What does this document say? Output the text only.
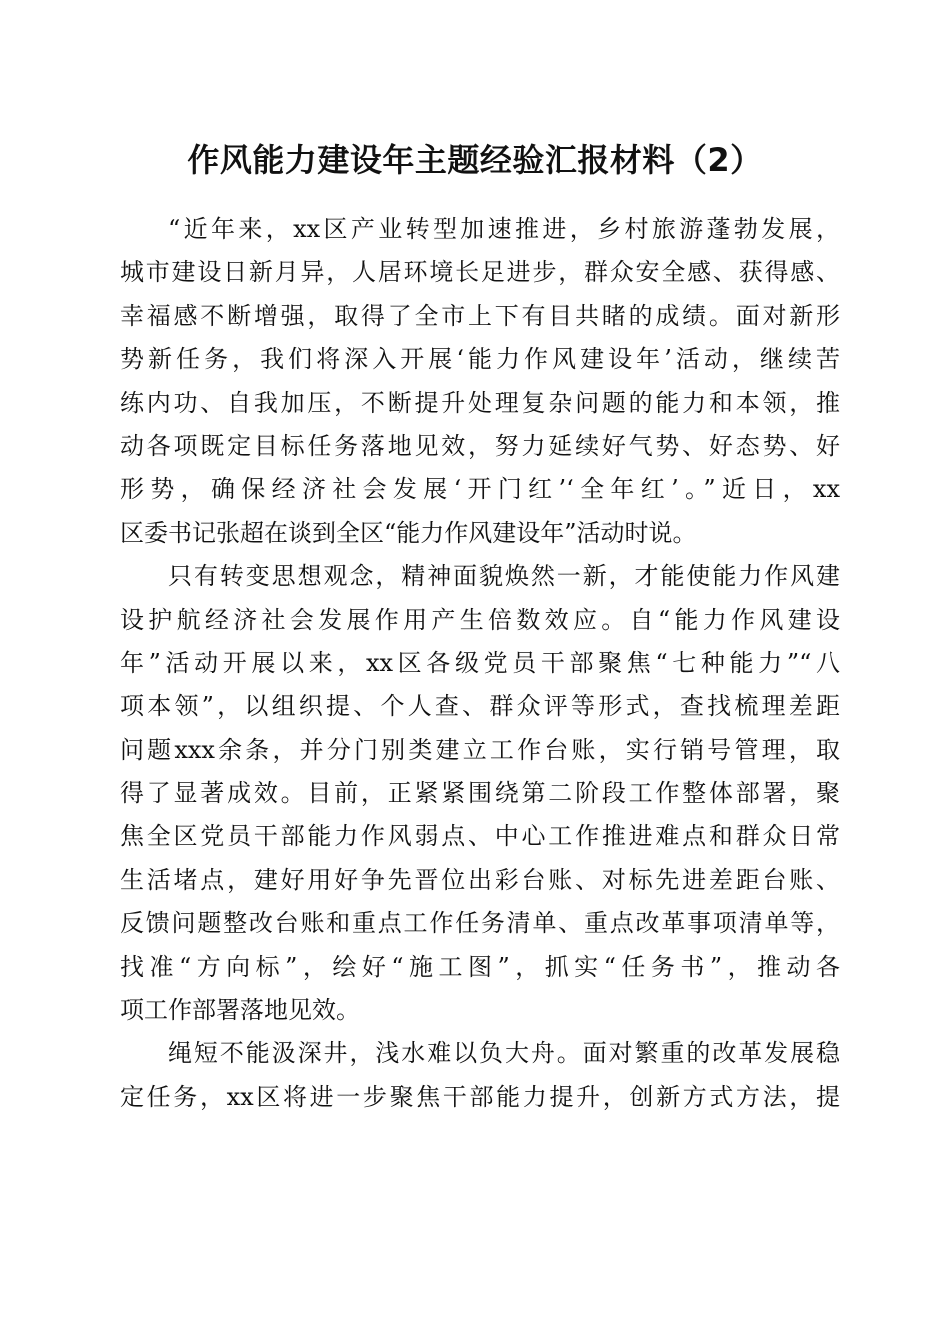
作风能力建设年主题经验汇报材料（2）
“近年来，xx区产业转型加速推进，乡村旅游蓬勃发展，
城市建设日新月异，人居环境长足进步，群众安全感、获得感、
幸福感不断增强，取得了全市上下有目共睹的成绩。面对新形
势新任务，我们将深入开展‘能力作风建设年’活动，继续苦
练内功、自我加压，不断提升处理复杂问题的能力和本领，推
动各项既定目标任务落地见效，努力延续好气势、好态势、好
形势，确保经济社会发展‘开门红’‘全年红’。”近日，xx
区委书记张超在谈到全区“能力作风建设年”活动时说。
只有转变思想观念，精神面貌焕然一新，才能使能力作风建
设护航经济社会发展作用产生倍数效应。自“能力作风建设
年”活动开展以来，xx区各级党员干部聚焦“七种能力”“八
项本领”，以组织提、个人查、群众评等形式，查找梳理差距
问题xxx余条，并分门别类建立工作台账，实行销号管理，取
得了显著成效。目前，正紧紧围绕第二阶段工作整体部署，聚
焦全区党员干部能力作风弱点、中心工作推进难点和群众日常
生活堵点，建好用好争先晋位出彩台账、对标先进差距台账、
反馈问题整改台账和重点工作任务清单、重点改革事项清单等，
找准“方向标”，绘好“施工图”，抓实“任务书”，推动各
项工作部署落地见效。
绳短不能汲深井，浅水难以负大舟。面对繁重的改革发展稳
定任务，xx区将进一步聚焦干部能力提升，创新方式方法，提
